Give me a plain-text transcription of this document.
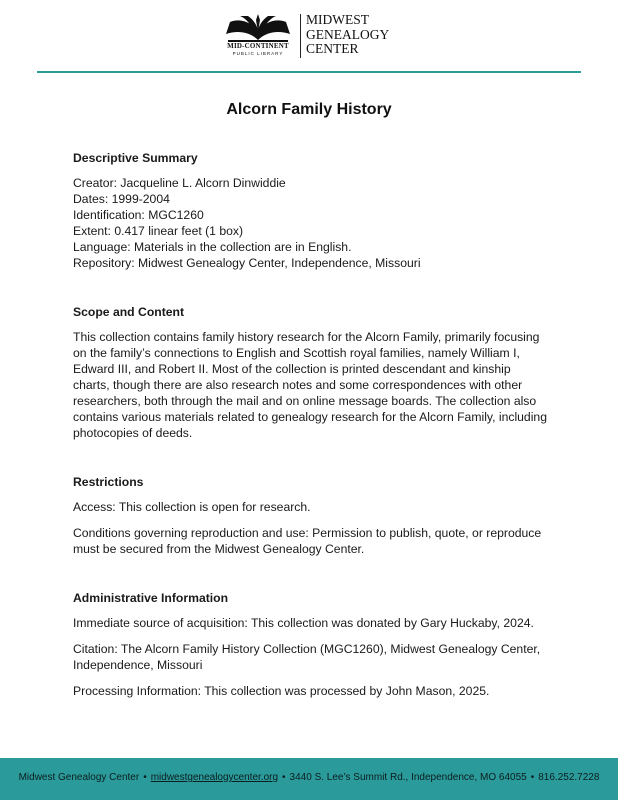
MID-CONTINENT
PUBLIC LIBRARY
MIDWEST
GENEALOGY
CENTER
Alcorn Family History

Descriptive Summary

Creator: Jacqueline L. Alcorn Dinwiddie

Dates: 1999-2004

Identification: MGC1260

Extent: 0.417 linear feet (1 box)

Language: Materials in the collection are in English.

Repository: Midwest Genealogy Center, Independence, Missouri

Scope and Content

This collection contains family history research for the Alcorn Family, primarily focusing on the family’s connections to English and Scottish royal families, namely William I, Edward III, and Robert II. Most of the collection is printed descendant and kinship charts, though there are also research notes and some correspondences with other researchers, both through the mail and on online message boards. The collection also contains various materials related to genealogy research for the Alcorn Family, including photocopies of deeds.

Restrictions

Access: This collection is open for research.

Conditions governing reproduction and use: Permission to publish, quote, or reproduce must be secured from the Midwest Genealogy Center.

Administrative Information

Immediate source of acquisition: This collection was donated by Gary Huckaby, 2024.

Citation: The Alcorn Family History Collection (MGC1260), Midwest Genealogy Center, Independence, Missouri

Processing Information: This collection was processed by John Mason, 2025.

Midwest Genealogy Center • midwestgenealogycenter.org • 3440 S. Lee’s Summit Rd., Independence, MO 64055 • 816.252.7228
